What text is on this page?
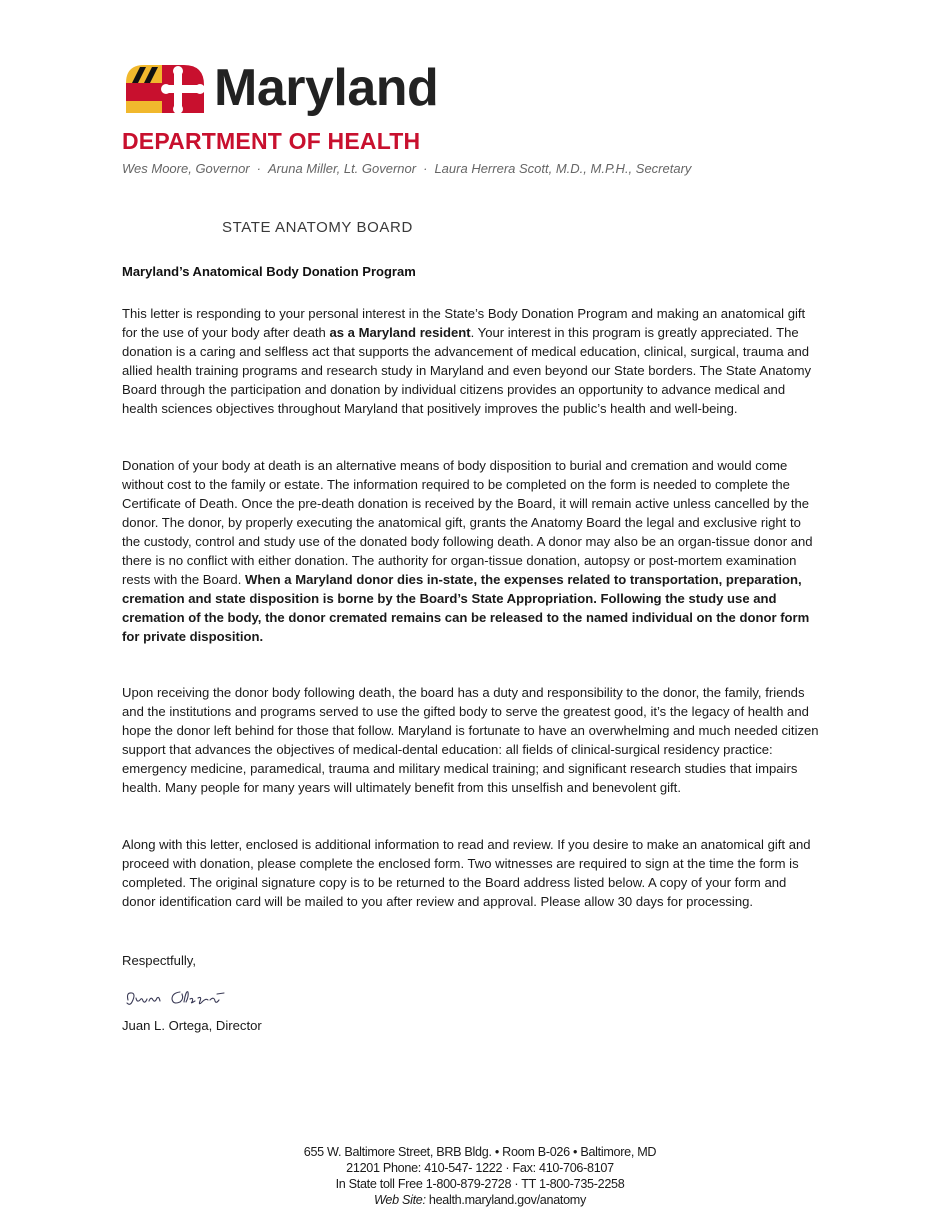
Maryland
DEPARTMENT OF HEALTH
Wes Moore, Governor · Aruna Miller, Lt. Governor · Laura Herrera Scott, M.D., M.P.H., Secretary
STATE ANATOMY BOARD
Maryland’s Anatomical Body Donation Program
This letter is responding to your personal interest in the State’s Body Donation Program and making an anatomical gift for the use of your body after death as a Maryland resident. Your interest in this program is greatly appreciated. The donation is a caring and selfless act that supports the advancement of medical education, clinical, surgical, trauma and allied health training programs and research study in Maryland and even beyond our State borders. The State Anatomy Board through the participation and donation by individual citizens provides an opportunity to advance medical and health sciences objectives throughout Maryland that positively improves the public’s health and well-being.
Donation of your body at death is an alternative means of body disposition to burial and cremation and would come without cost to the family or estate. The information required to be completed on the form is needed to complete the Certificate of Death. Once the pre-death donation is received by the Board, it will remain active unless cancelled by the donor. The donor, by properly executing the anatomical gift, grants the Anatomy Board the legal and exclusive right to the custody, control and study use of the donated body following death. A donor may also be an organ-tissue donor and there is no conflict with either donation. The authority for organ-tissue donation, autopsy or post-mortem examination rests with the Board. When a Maryland donor dies in-state, the expenses related to transportation, preparation, cremation and state disposition is borne by the Board’s State Appropriation. Following the study use and cremation of the body, the donor cremated remains can be released to the named individual on the donor form for private disposition.
Upon receiving the donor body following death, the board has a duty and responsibility to the donor, the family, friends and the institutions and programs served to use the gifted body to serve the greatest good, it’s the legacy of health and hope the donor left behind for those that follow. Maryland is fortunate to have an overwhelming and much needed citizen support that advances the objectives of medical-dental education: all fields of clinical-surgical residency practice: emergency medicine, paramedical, trauma and military medical training; and significant research studies that impairs health. Many people for many years will ultimately benefit from this unselfish and benevolent gift.
Along with this letter, enclosed is additional information to read and review. If you desire to make an anatomical gift and proceed with donation, please complete the enclosed form. Two witnesses are required to sign at the time the form is completed. The original signature copy is to be returned to the Board address listed below. A copy of your form and donor identification card will be mailed to you after review and approval. Please allow 30 days for processing.
Respectfully,
Juan L. Ortega, Director
655 W. Baltimore Street, BRB Bldg. • Room B-026 • Baltimore, MD
21201 Phone: 410-547- 1222 · Fax: 410-706-8107
In State toll Free 1-800-879-2728 · TT 1-800-735-2258
Web Site: health.maryland.gov/anatomy
